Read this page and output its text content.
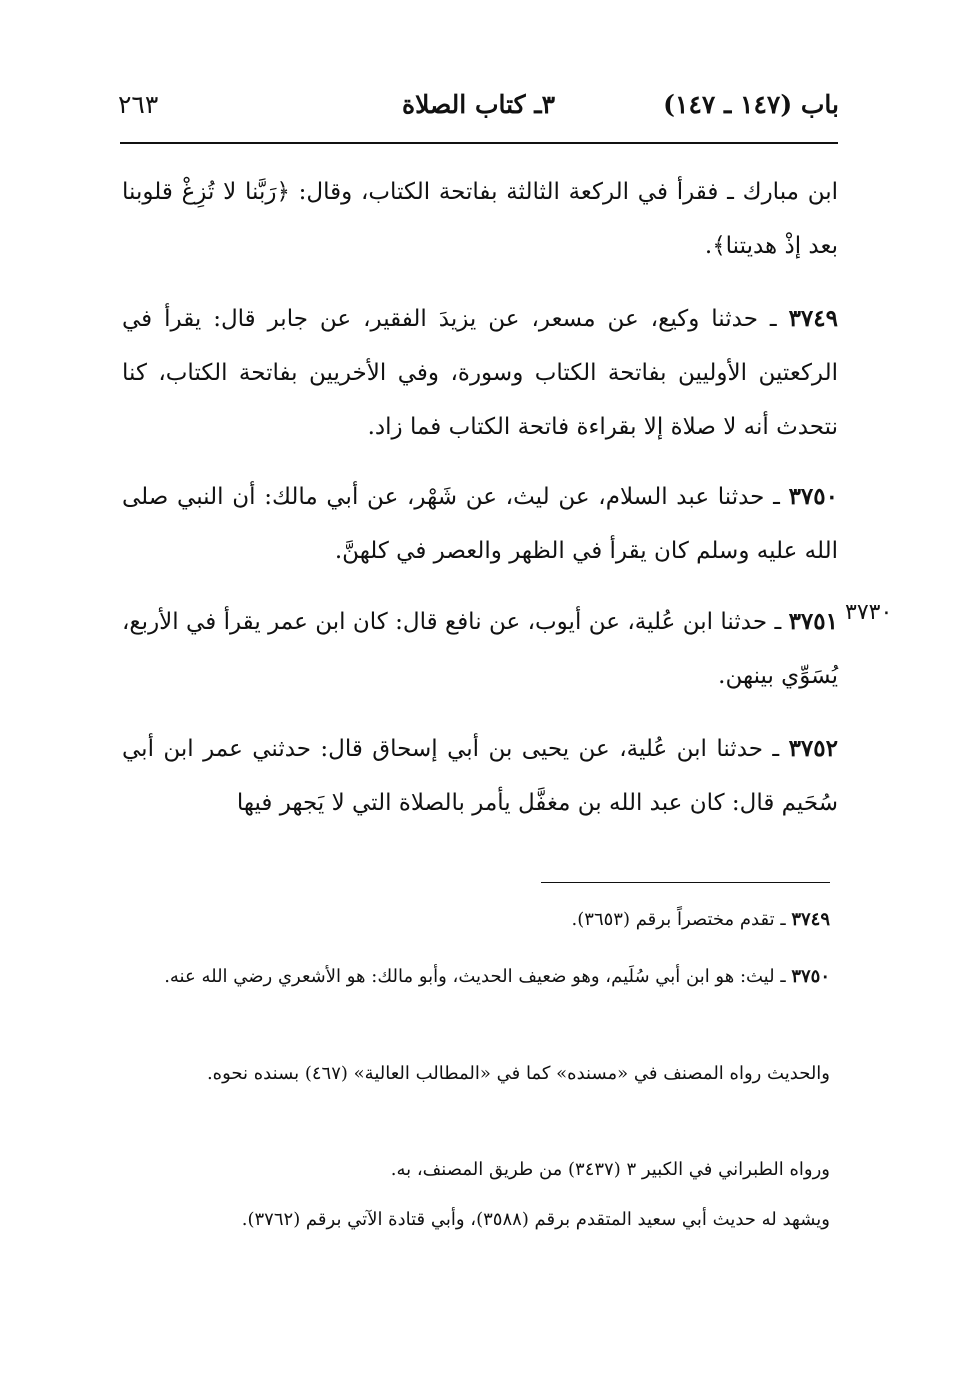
باب (١٤٧ ـ ١٤٧)
٣ـ كتاب الصلاة
٢٦٣
ابن مبارك ـ فقرأ في الركعة الثالثة بفاتحة الكتاب، وقال: ﴿رَبَّنا لا تُزِغْ قلوبنا بعد إذْ هديتنا﴾.
٣٧٤٩ ـ حدثنا وكيع، عن مسعر، عن يزيدَ الفقير، عن جابر قال: يقرأ في الركعتين الأوليين بفاتحة الكتاب وسورة، وفي الأخريين بفاتحة الكتاب، كنا نتحدث أنه لا صلاة إلا بقراءة فاتحة الكتاب فما زاد.
٣٧٥٠ ـ حدثنا عبد السلام، عن ليث، عن شَهْر، عن أبي مالك: أن النبي صلى الله عليه وسلم كان يقرأ في الظهر والعصر في كلهنَّ.
٣٧٥١ ـ حدثنا ابن عُلية، عن أيوب، عن نافع قال: كان ابن عمر يقرأ في الأربع، يُسَوِّي بينهن.
٣٧٥٢ ـ حدثنا ابن عُلية، عن يحيى بن أبي إسحاق قال: حدثني عمر ابن أبي سُحَيم قال: كان عبد الله بن مغفَّل يأمر بالصلاة التي لا يَجهر فيها
٣٧٣٠
٣٧٤٩ ـ تقدم مختصراً برقم (٣٦٥٣).
٣٧٥٠ ـ ليث: هو ابن أبي سُلَيم، وهو ضعيف الحديث، وأبو مالك: هو الأشعري رضي الله عنه.
والحديث رواه المصنف في «مسنده» كما في «المطالب العالية» (٤٦٧) بسنده نحوه.
ورواه الطبراني في الكبير ٣ (٣٤٣٧) من طريق المصنف، به.
ويشهد له حديث أبي سعيد المتقدم برقم (٣٥٨٨)، وأبي قتادة الآتي برقم (٣٧٦٢).
